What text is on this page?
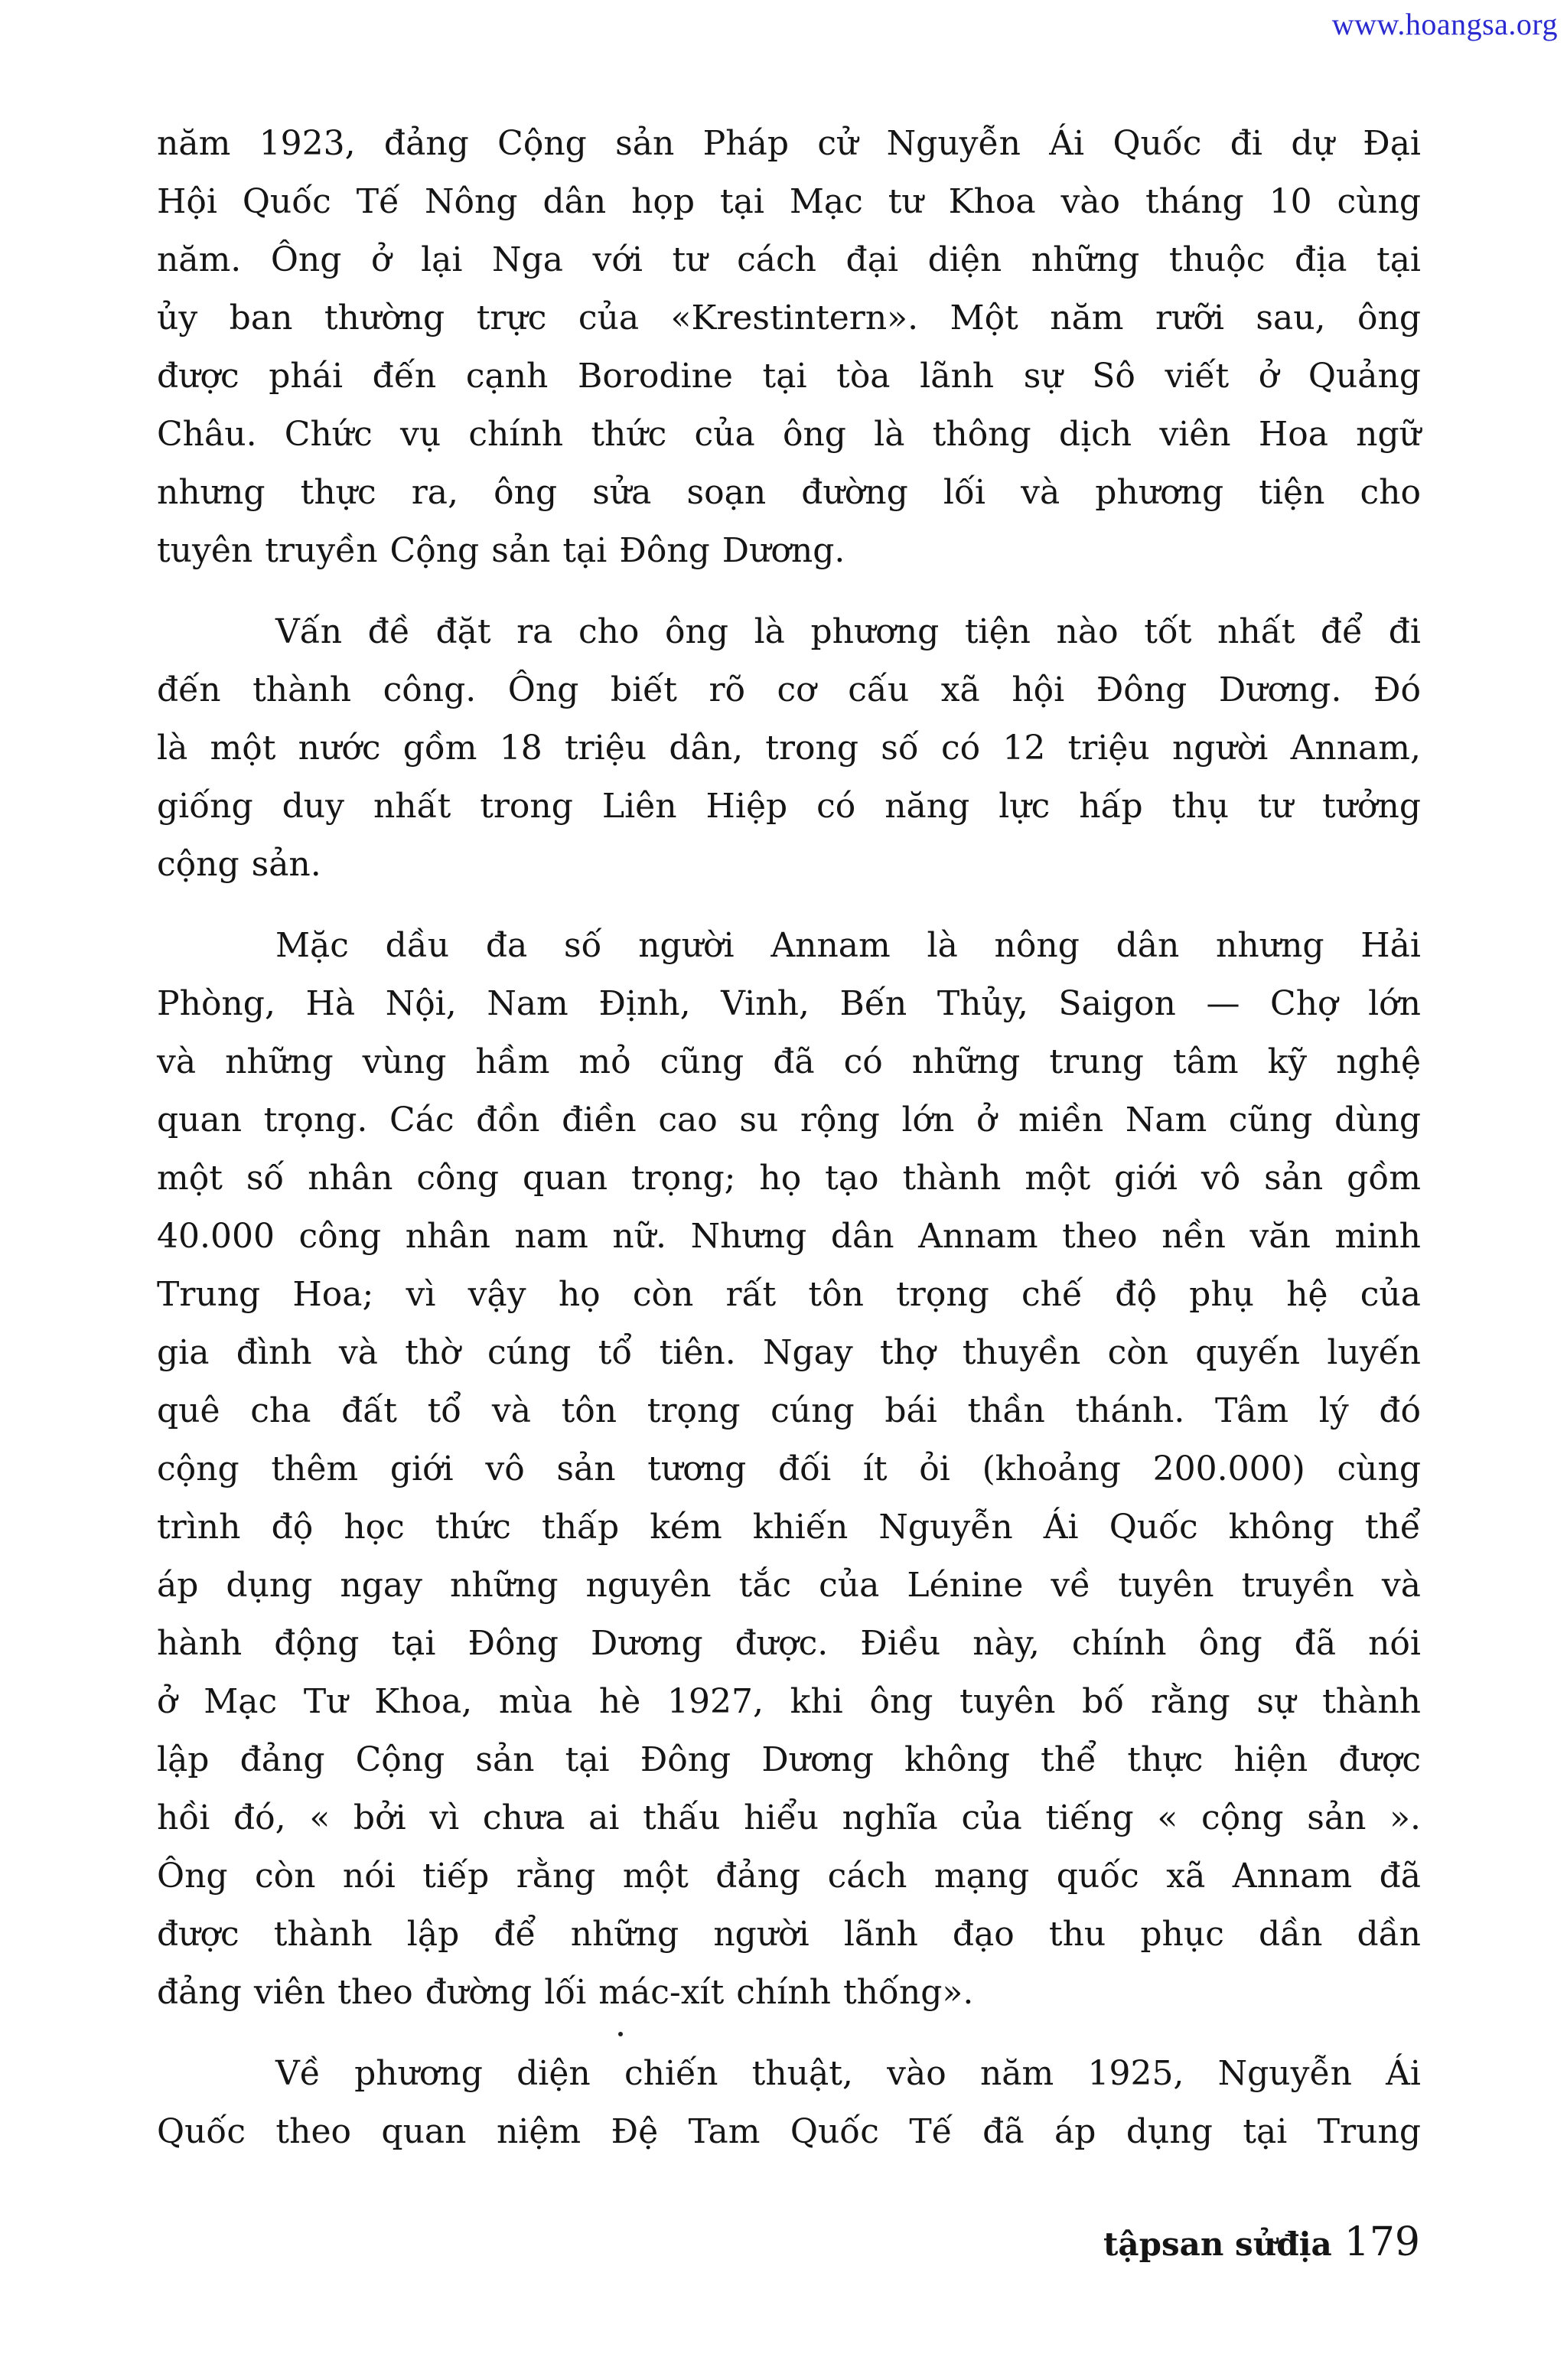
www.hoangsa.org
năm 1923, đảng Cộng sản Pháp cử Nguyễn Ái Quốc đi dự Đại
Hội Quốc Tế Nông dân họp tại Mạc tư Khoa vào tháng 10 cùng
năm. Ông ở lại Nga với tư cách đại diện những thuộc địa tại
ủy ban thường trực của «Krestintern». Một năm rưỡi sau, ông
được phái đến cạnh Borodine tại tòa lãnh sự Sô viết ở Quảng
Châu. Chức vụ chính thức của ông là thông dịch viên Hoa ngữ
nhưng thực ra, ông sửa soạn đường lối và phương tiện cho
tuyên truyền Cộng sản tại Đông Dương.
Vấn đề đặt ra cho ông là phương tiện nào tốt nhất để đi
đến thành công. Ông biết rõ cơ cấu xã hội Đông Dương. Đó
là một nước gồm 18 triệu dân, trong số có 12 triệu người Annam,
giống duy nhất trong Liên Hiệp có năng lực hấp thụ tư tưởng
cộng sản.
Mặc dầu đa số người Annam là nông dân nhưng Hải
Phòng, Hà Nội, Nam Định, Vinh, Bến Thủy, Saigon — Chợ lớn
và những vùng hầm mỏ cũng đã có những trung tâm kỹ nghệ
quan trọng. Các đồn điền cao su rộng lớn ở miền Nam cũng dùng
một số nhân công quan trọng; họ tạo thành một giới vô sản gồm
40.000 công nhân nam nữ. Nhưng dân Annam theo nền văn minh
Trung Hoa; vì vậy họ còn rất tôn trọng chế độ phụ hệ của
gia đình và thờ cúng tổ tiên. Ngay thợ thuyền còn quyến luyến
quê cha đất tổ và tôn trọng cúng bái thần thánh. Tâm lý đó
cộng thêm giới vô sản tương đối ít ỏi (khoảng 200.000) cùng
trình độ học thức thấp kém khiến Nguyễn Ái Quốc không thể
áp dụng ngay những nguyên tắc của Lénine về tuyên truyền và
hành động tại Đông Dương được. Điều này, chính ông đã nói
ở Mạc Tư Khoa, mùa hè 1927, khi ông tuyên bố rằng sự thành
lập đảng Cộng sản tại Đông Dương không thể thực hiện được
hồi đó, « bởi vì chưa ai thấu hiểu nghĩa của tiếng « cộng sản ».
Ông còn nói tiếp rằng một đảng cách mạng quốc xã Annam đã
được thành lập để những người lãnh đạo thu phục dần dần
đảng viên theo đường lối mác-xít chính thống».
Về phương diện chiến thuật, vào năm 1925, Nguyễn Ái
Quốc theo quan niệm Đệ Tam Quốc Tế đã áp dụng tại Trung
tậpsan sửđịa 179
